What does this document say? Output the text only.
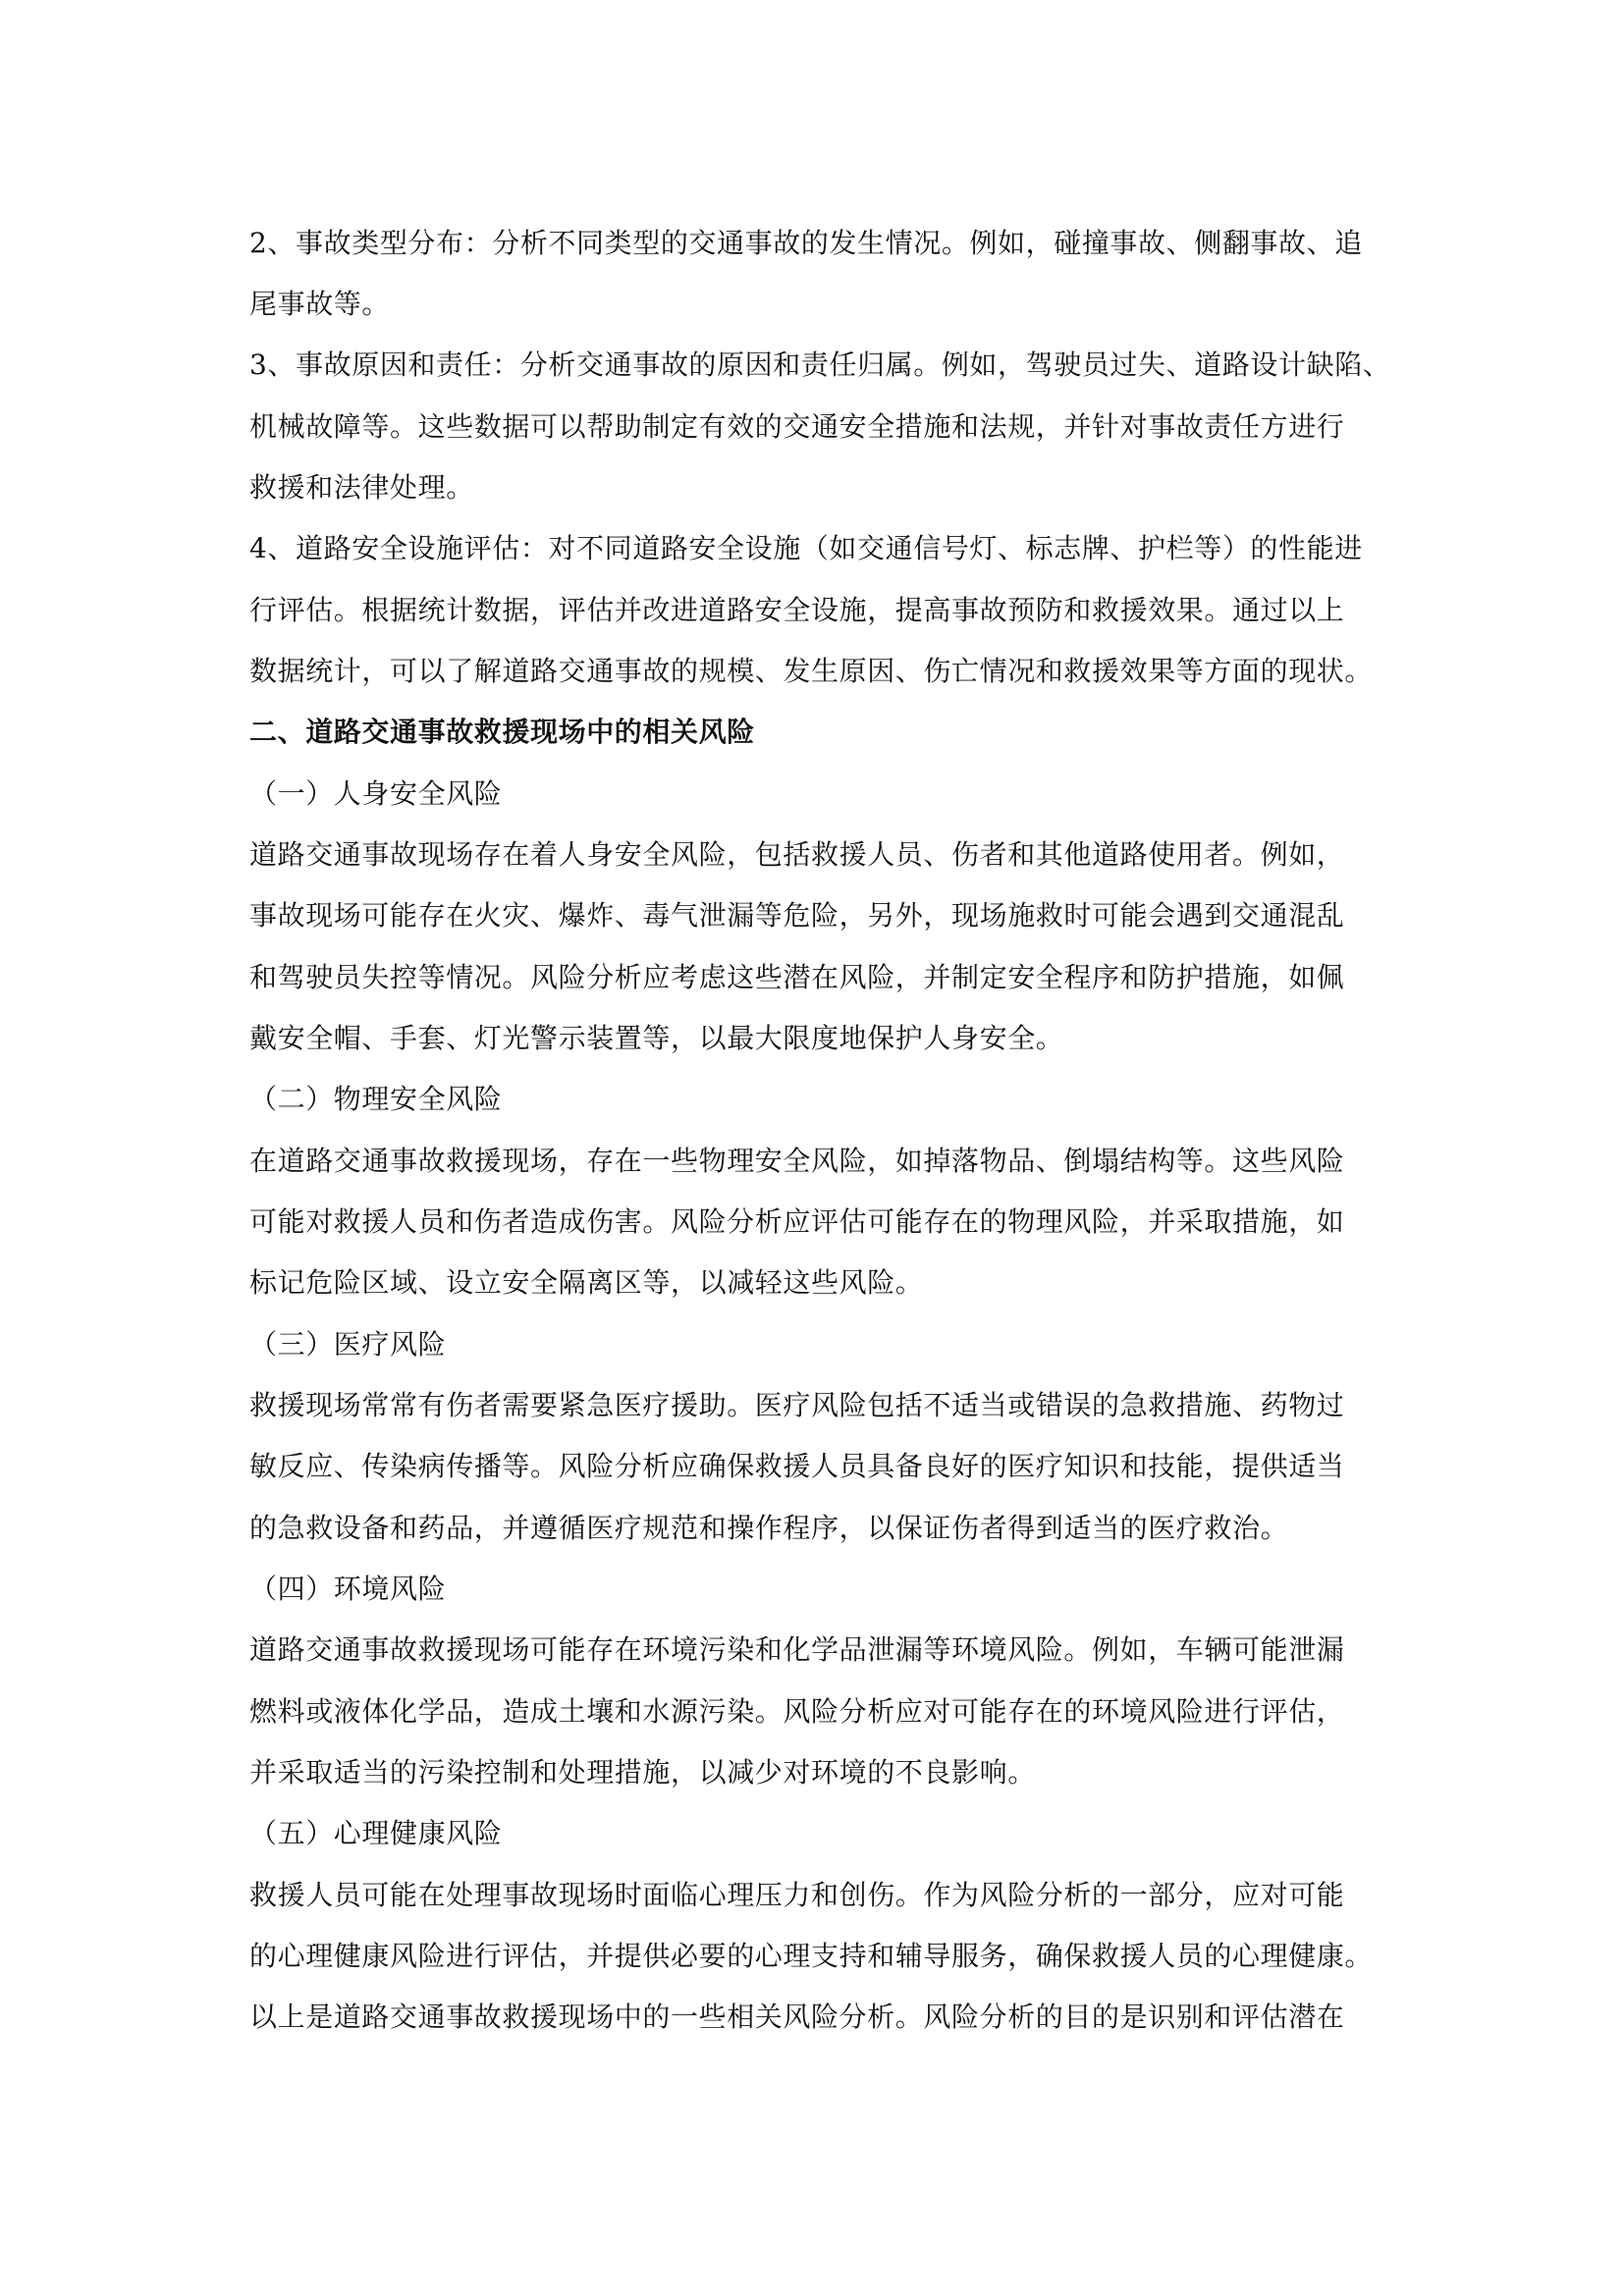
2、事故类型分布：分析不同类型的交通事故的发生情况。例如，碰撞事故、侧翻事故、追
尾事故等。
3、事故原因和责任：分析交通事故的原因和责任归属。例如，驾驶员过失、道路设计缺陷、
机械故障等。这些数据可以帮助制定有效的交通安全措施和法规，并针对事故责任方进行
救援和法律处理。
4、道路安全设施评估：对不同道路安全设施（如交通信号灯、标志牌、护栏等）的性能进
行评估。根据统计数据，评估并改进道路安全设施，提高事故预防和救援效果。通过以上
数据统计，可以了解道路交通事故的规模、发生原因、伤亡情况和救援效果等方面的现状。
二、道路交通事故救援现场中的相关风险
（一）人身安全风险
道路交通事故现场存在着人身安全风险，包括救援人员、伤者和其他道路使用者。例如，
事故现场可能存在火灾、爆炸、毒气泄漏等危险，另外，现场施救时可能会遇到交通混乱
和驾驶员失控等情况。风险分析应考虑这些潜在风险，并制定安全程序和防护措施，如佩
戴安全帽、手套、灯光警示装置等，以最大限度地保护人身安全。
（二）物理安全风险
在道路交通事故救援现场，存在一些物理安全风险，如掉落物品、倒塌结构等。这些风险
可能对救援人员和伤者造成伤害。风险分析应评估可能存在的物理风险，并采取措施，如
标记危险区域、设立安全隔离区等，以减轻这些风险。
（三）医疗风险
救援现场常常有伤者需要紧急医疗援助。医疗风险包括不适当或错误的急救措施、药物过
敏反应、传染病传播等。风险分析应确保救援人员具备良好的医疗知识和技能，提供适当
的急救设备和药品，并遵循医疗规范和操作程序，以保证伤者得到适当的医疗救治。
（四）环境风险
道路交通事故救援现场可能存在环境污染和化学品泄漏等环境风险。例如，车辆可能泄漏
燃料或液体化学品，造成土壤和水源污染。风险分析应对可能存在的环境风险进行评估，
并采取适当的污染控制和处理措施，以减少对环境的不良影响。
（五）心理健康风险
救援人员可能在处理事故现场时面临心理压力和创伤。作为风险分析的一部分，应对可能
的心理健康风险进行评估，并提供必要的心理支持和辅导服务，确保救援人员的心理健康。
以上是道路交通事故救援现场中的一些相关风险分析。风险分析的目的是识别和评估潜在
